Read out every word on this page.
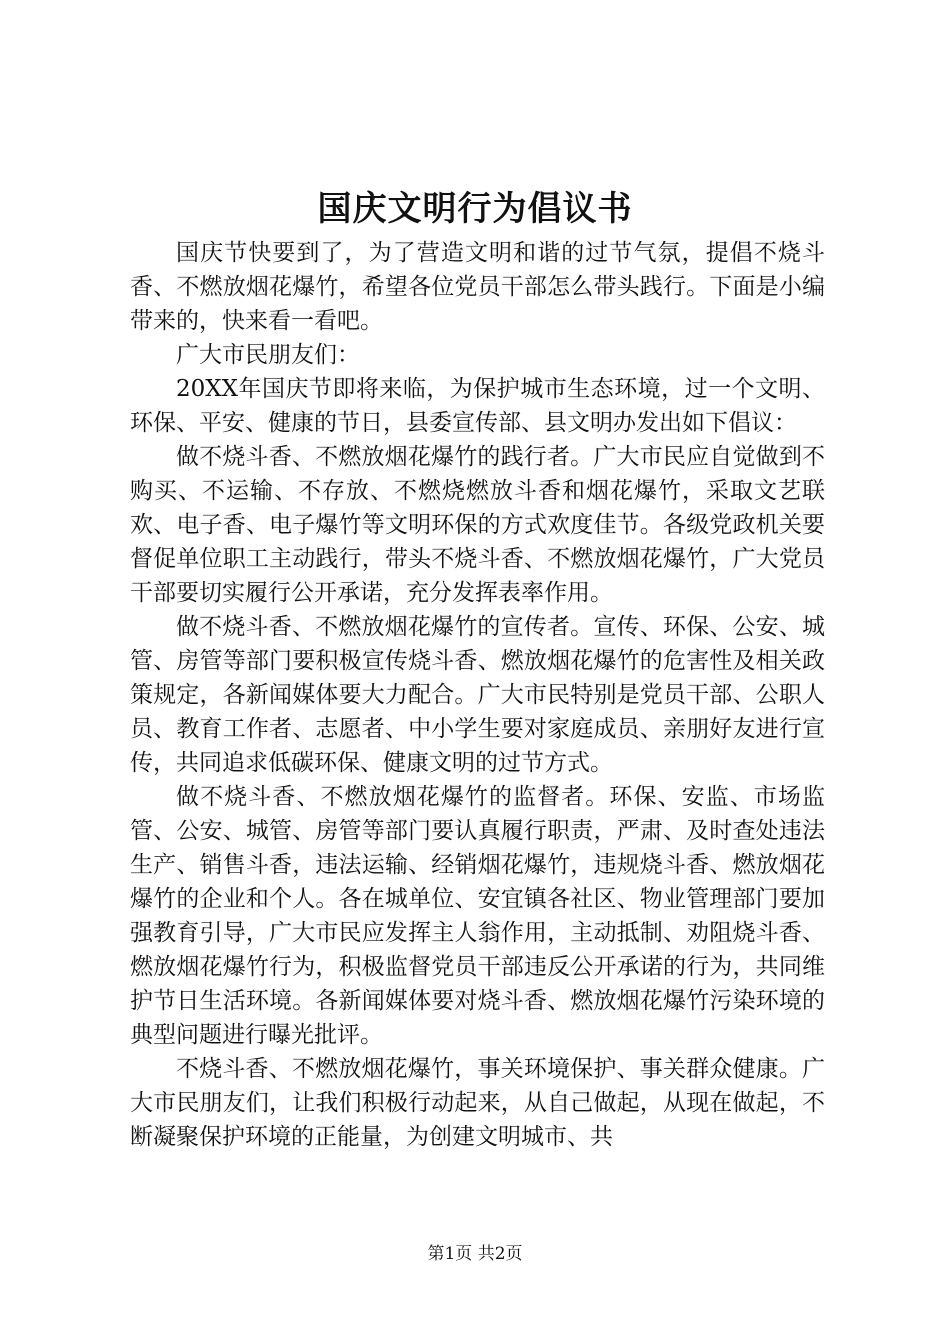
国庆文明行为倡议书

国庆节快要到了，为了营造文明和谐的过节气氛，提倡不烧斗香、不燃放烟花爆竹，希望各位党员干部怎么带头践行。下面是小编带来的，快来看一看吧。

广大市民朋友们：

20XX年国庆节即将来临，为保护城市生态环境，过一个文明、环保、平安、健康的节日，县委宣传部、县文明办发出如下倡议：

做不烧斗香、不燃放烟花爆竹的践行者。广大市民应自觉做到不购买、不运输、不存放、不燃烧燃放斗香和烟花爆竹，采取文艺联欢、电子香、电子爆竹等文明环保的方式欢度佳节。各级党政机关要督促单位职工主动践行，带头不烧斗香、不燃放烟花爆竹，广大党员干部要切实履行公开承诺，充分发挥表率作用。

做不烧斗香、不燃放烟花爆竹的宣传者。宣传、环保、公安、城管、房管等部门要积极宣传烧斗香、燃放烟花爆竹的危害性及相关政策规定，各新闻媒体要大力配合。广大市民特别是党员干部、公职人员、教育工作者、志愿者、中小学生要对家庭成员、亲朋好友进行宣传，共同追求低碳环保、健康文明的过节方式。

做不烧斗香、不燃放烟花爆竹的监督者。环保、安监、市场监管、公安、城管、房管等部门要认真履行职责，严肃、及时查处违法生产、销售斗香，违法运输、经销烟花爆竹，违规烧斗香、燃放烟花爆竹的企业和个人。各在城单位、安宜镇各社区、物业管理部门要加强教育引导，广大市民应发挥主人翁作用，主动抵制、劝阻烧斗香、燃放烟花爆竹行为，积极监督党员干部违反公开承诺的行为，共同维护节日生活环境。各新闻媒体要对烧斗香、燃放烟花爆竹污染环境的典型问题进行曝光批评。

不烧斗香、不燃放烟花爆竹，事关环境保护、事关群众健康。广大市民朋友们，让我们积极行动起来，从自己做起，从现在做起，不断凝聚保护环境的正能量，为创建文明城市、共

第1页 共2页
